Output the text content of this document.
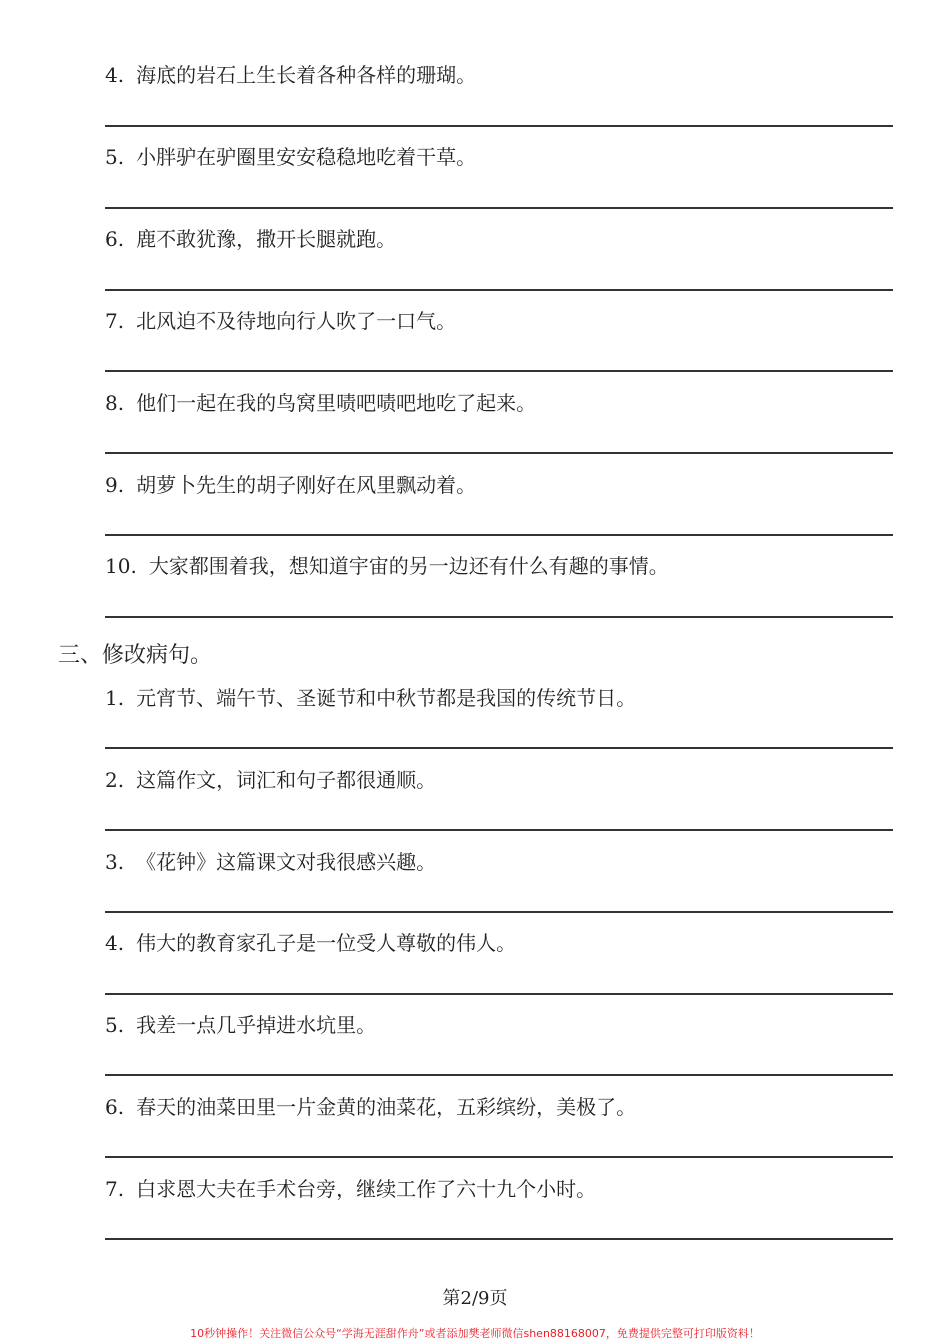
4. 海底的岩石上生长着各种各样的珊瑚。
5. 小胖驴在驴圈里安安稳稳地吃着干草。
6. 鹿不敢犹豫，撒开长腿就跑。
7. 北风迫不及待地向行人吹了一口气。
8. 他们一起在我的鸟窝里啧吧啧吧地吃了起来。
9. 胡萝卜先生的胡子刚好在风里飘动着。
10. 大家都围着我，想知道宇宙的另一边还有什么有趣的事情。
三、修改病句。
1. 元宵节、端午节、圣诞节和中秋节都是我国的传统节日。
2. 这篇作文，词汇和句子都很通顺。
3. 《花钟》这篇课文对我很感兴趣。
4. 伟大的教育家孔子是一位受人尊敬的伟人。
5. 我差一点几乎掉进水坑里。
6. 春天的油菜田里一片金黄的油菜花，五彩缤纷，美极了。
7. 白求恩大夫在手术台旁，继续工作了六十九个小时。
第2/9页
10秒钟操作！关注微信公众号“学海无涯甜作舟”或者添加樊老师微信shen88168007，免费提供完整可打印版资料！
